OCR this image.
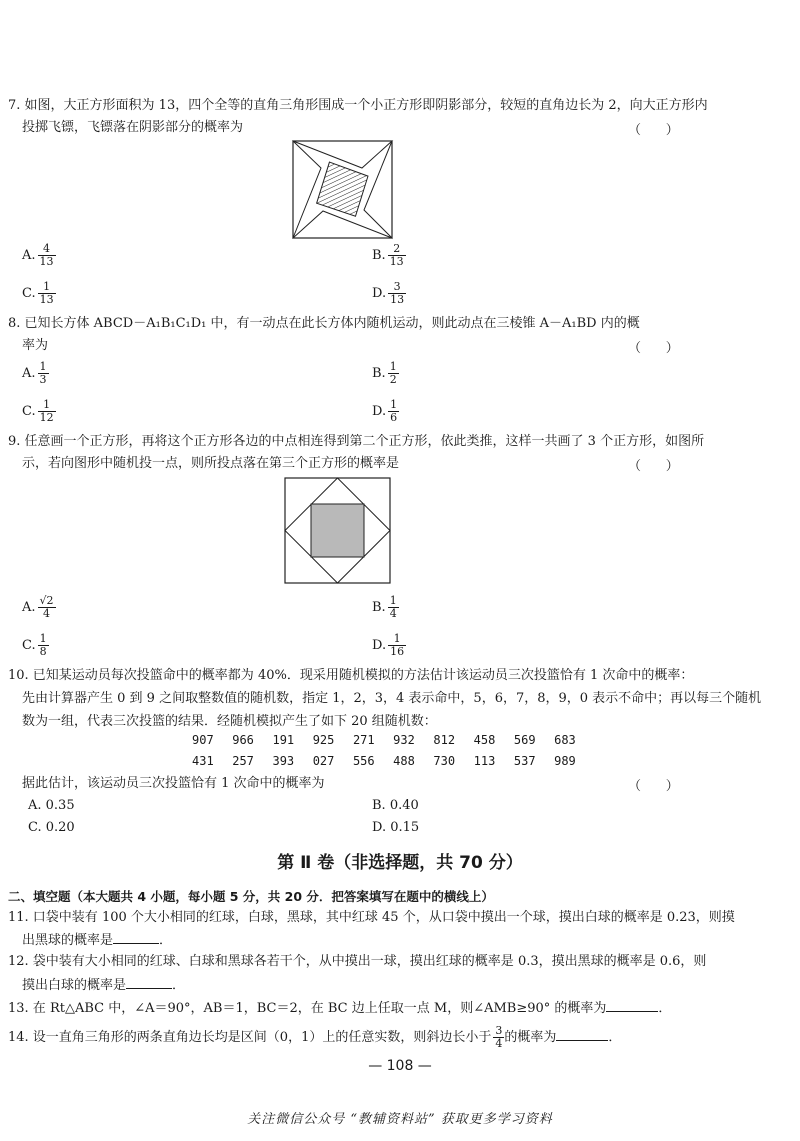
7. 如图，大正方形面积为 13，四个全等的直角三角形围成一个小正方形即阴影部分，较短的直角边长为 2，向大正方形内
投掷飞镖，飞镖落在阴影部分的概率为	（      ）
A. $\frac{4}{13}$	B. $\frac{2}{13}$
C. $\frac{1}{13}$	D. $\frac{3}{13}$
8. 已知长方体 ABCD－A₁B₁C₁D₁ 中，有一动点在此长方体内随机运动，则此动点在三棱锥 A－A₁BD 内的概
率为	（      ）
A. $\frac{1}{3}$	B. $\frac{1}{2}$
C. $\frac{1}{12}$	D. $\frac{1}{6}$
9. 任意画一个正方形，再将这个正方形各边的中点相连得到第二个正方形，依此类推，这样一共画了 3 个正方形，如图所
示，若向图形中随机投一点，则所投点落在第三个正方形的概率是	（      ）
A. $\frac{√2}{4}$	B. $\frac{1}{4}$
C. $\frac{1}{8}$	D. $\frac{1}{16}$
10. 已知某运动员每次投篮命中的概率都为 40%．现采用随机模拟的方法估计该运动员三次投篮恰有 1 次命中的概率：
先由计算器产生 0 到 9 之间取整数值的随机数，指定 1，2，3，4 表示命中，5，6，7，8，9，0 表示不命中；再以每三个随机
数为一组，代表三次投篮的结果．经随机模拟产生了如下 20 组随机数：
907 966 191 925 271 932 812 458 569 683
431 257 393 027 556 488 730 113 537 989
据此估计，该运动员三次投篮恰有 1 次命中的概率为	（      ）
A. 0.35	B. 0.40
C. 0.20	D. 0.15
第 Ⅱ 卷（非选择题，共 70 分）
二、填空题（本大题共 4 小题，每小题 5 分，共 20 分．把答案填写在题中的横线上）
11. 口袋中装有 100 个大小相同的红球，白球，黑球，其中红球 45 个，从口袋中摸出一个球，摸出白球的概率是 0.23，则摸
出黑球的概率是	．
12. 袋中装有大小相同的红球、白球和黑球各若干个，从中摸出一球，摸出红球的概率是 0.3，摸出黑球的概率是 0.6，则
摸出白球的概率是	．
13. 在 Rt△ABC 中，∠A＝90°，AB＝1，BC＝2，在 BC 边上任取一点 M，则∠AMB≥90° 的概率为	．
14. 设一直角三角形的两条直角边长均是区间（0，1）上的任意实数，则斜边长小于 $\frac{3}{4}$ 的概率为	．
— 108 —
关注微信公众号 “教辅资料站” 获取更多学习资料
